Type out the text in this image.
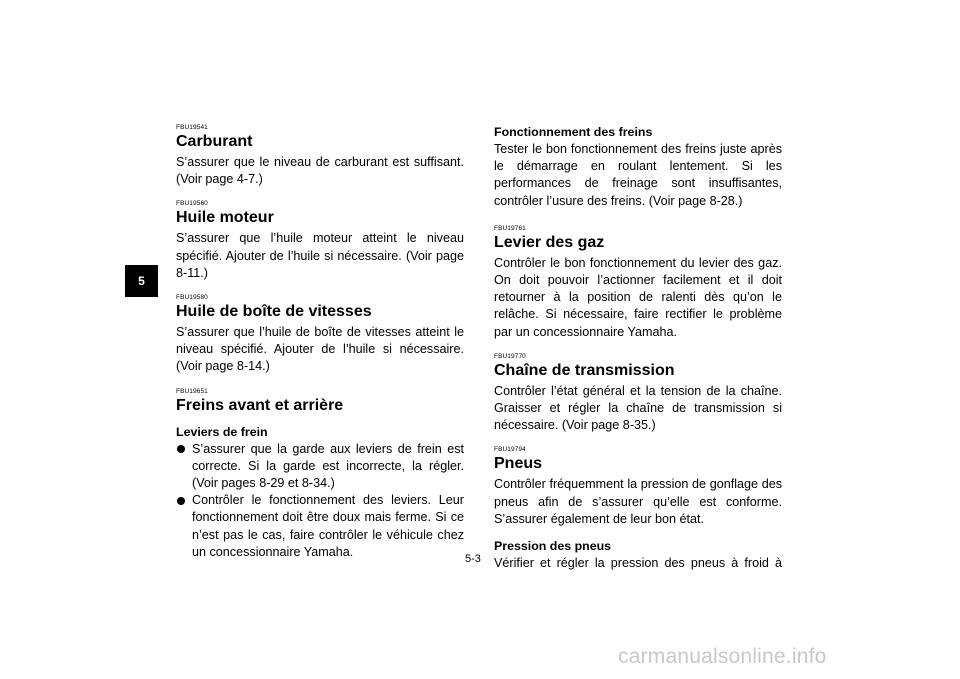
5
FBU19541
Carburant

S’assurer que le niveau de carburant est suffisant. (Voir page 4-7.)

FBU19560
Huile moteur

S’assurer que l’huile moteur atteint le niveau spécifié. Ajouter de l’huile si nécessaire. (Voir page 8-11.)

FBU19580
Huile de boîte de vitesses

S’assurer que l’huile de boîte de vitesses atteint le niveau spécifié. Ajouter de l’huile si nécessaire. (Voir page 8-14.)

FBU19651
Freins avant et arrière
Leviers de frein
S’assurer que la garde aux leviers de frein est correcte. Si la garde est incorrecte, la régler. (Voir pages 8-29 et 8-34.)
Contrôler le fonctionnement des leviers. Leur fonctionnement doit être doux mais ferme. Si ce n’est pas le cas, faire contrôler le véhicule chez un concessionnaire Yamaha.
Fonctionnement des freins

Tester le bon fonctionnement des freins juste après le démarrage en roulant lentement. Si les performances de freinage sont insuffisantes, contrôler l’usure des freins. (Voir page 8-28.)

FBU19761
Levier des gaz

Contrôler le bon fonctionnement du levier des gaz. On doit pouvoir l’actionner facilement et il doit retourner à la position de ralenti dès qu’on le relâche. Si nécessaire, faire rectifier le problème par un concessionnaire Yamaha.

FBU19770
Chaîne de transmission

Contrôler l’état général et la tension de la chaîne. Graisser et régler la chaîne de transmission si nécessaire. (Voir page 8-35.)

FBU19794
Pneus

Contrôler fréquemment la pression de gonflage des pneus afin de s’assurer qu’elle est conforme. S’assurer également de leur bon état.

Pression des pneus

Vérifier et régler la pression des pneus à froid à

5-3
carmanualsonline.info
